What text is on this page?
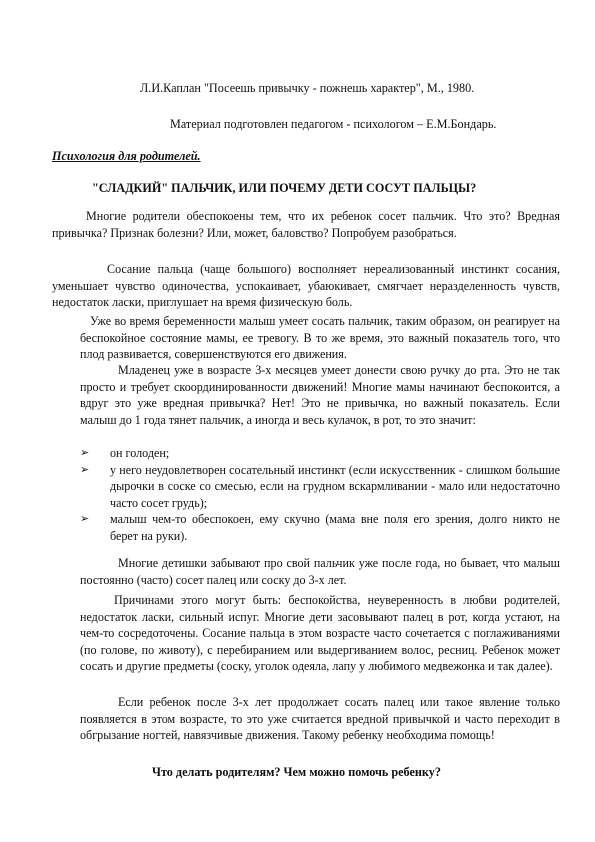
Л.И.Каплан "Посеешь привычку - пожнешь характер", М., 1980.

Материал подготовлен педагогом - психологом – Е.М.Бондарь.

Психология для родителей.

"СЛАДКИЙ" ПАЛЬЧИК, ИЛИ ПОЧЕМУ ДЕТИ СОСУТ ПАЛЬЦЫ?

Многие родители обеспокоены тем, что их ребенок сосет пальчик. Что это? Вредная привычка? Признак болезни? Или, может, баловство? Попробуем разобраться.

Сосание пальца (чаще большого) восполняет нереализованный инстинкт сосания, уменьшает чувство одиночества, успокаивает, убаюкивает, смягчает неразделенность чувств, недостаток ласки, приглушает на время физическую боль.

Уже во время беременности малыш умеет сосать пальчик, таким образом, он реагирует на беспокойное состояние мамы, ее тревогу. В то же время, это важный показатель того, что плод развивается, совершенствуются его движения.

Младенец уже в возрасте 3-х месяцев умеет донести свою ручку до рта. Это не так просто и требует скоординированности движений! Многие мамы начинают беспокоится, а вдруг это уже вредная привычка? Нет! Это не привычка, но важный показатель. Если малыш до 1 года тянет пальчик, а иногда и весь кулачок, в рот, то это значит:

➢	он голоден;
➢	у него неудовлетворен сосательный инстинкт (если искусственник - слишком большие дырочки в соске со смесью, если на грудном вскармливании - мало или недостаточно часто сосет грудь);
➢	малыш чем-то обеспокоен, ему скучно (мама вне поля его зрения, долго никто не берет на руки).

Многие детишки забывают про свой пальчик уже после года, но бывает, что малыш постоянно (часто) сосет палец или соску до 3-х лет.

Причинами этого могут быть: беспокойства, неуверенность в любви родителей, недостаток ласки, сильный испуг. Многие дети засовывают палец в рот, когда устают, на чем-то сосредоточены. Сосание пальца в этом возрасте часто сочетается с поглаживаниями (по голове, по животу), с перебиранием или выдергиванием волос, ресниц. Ребенок может сосать и другие предметы (соску, уголок одеяла, лапу у любимого медвежонка и так далее).

Если ребенок после 3-х лет продолжает сосать палец или такое явление только появляется в этом возрасте, то это уже считается вредной привычкой и часто переходит в обгрызание ногтей, навязчивые движения. Такому ребенку необходима помощь!

Что делать родителям? Чем можно помочь ребенку?
